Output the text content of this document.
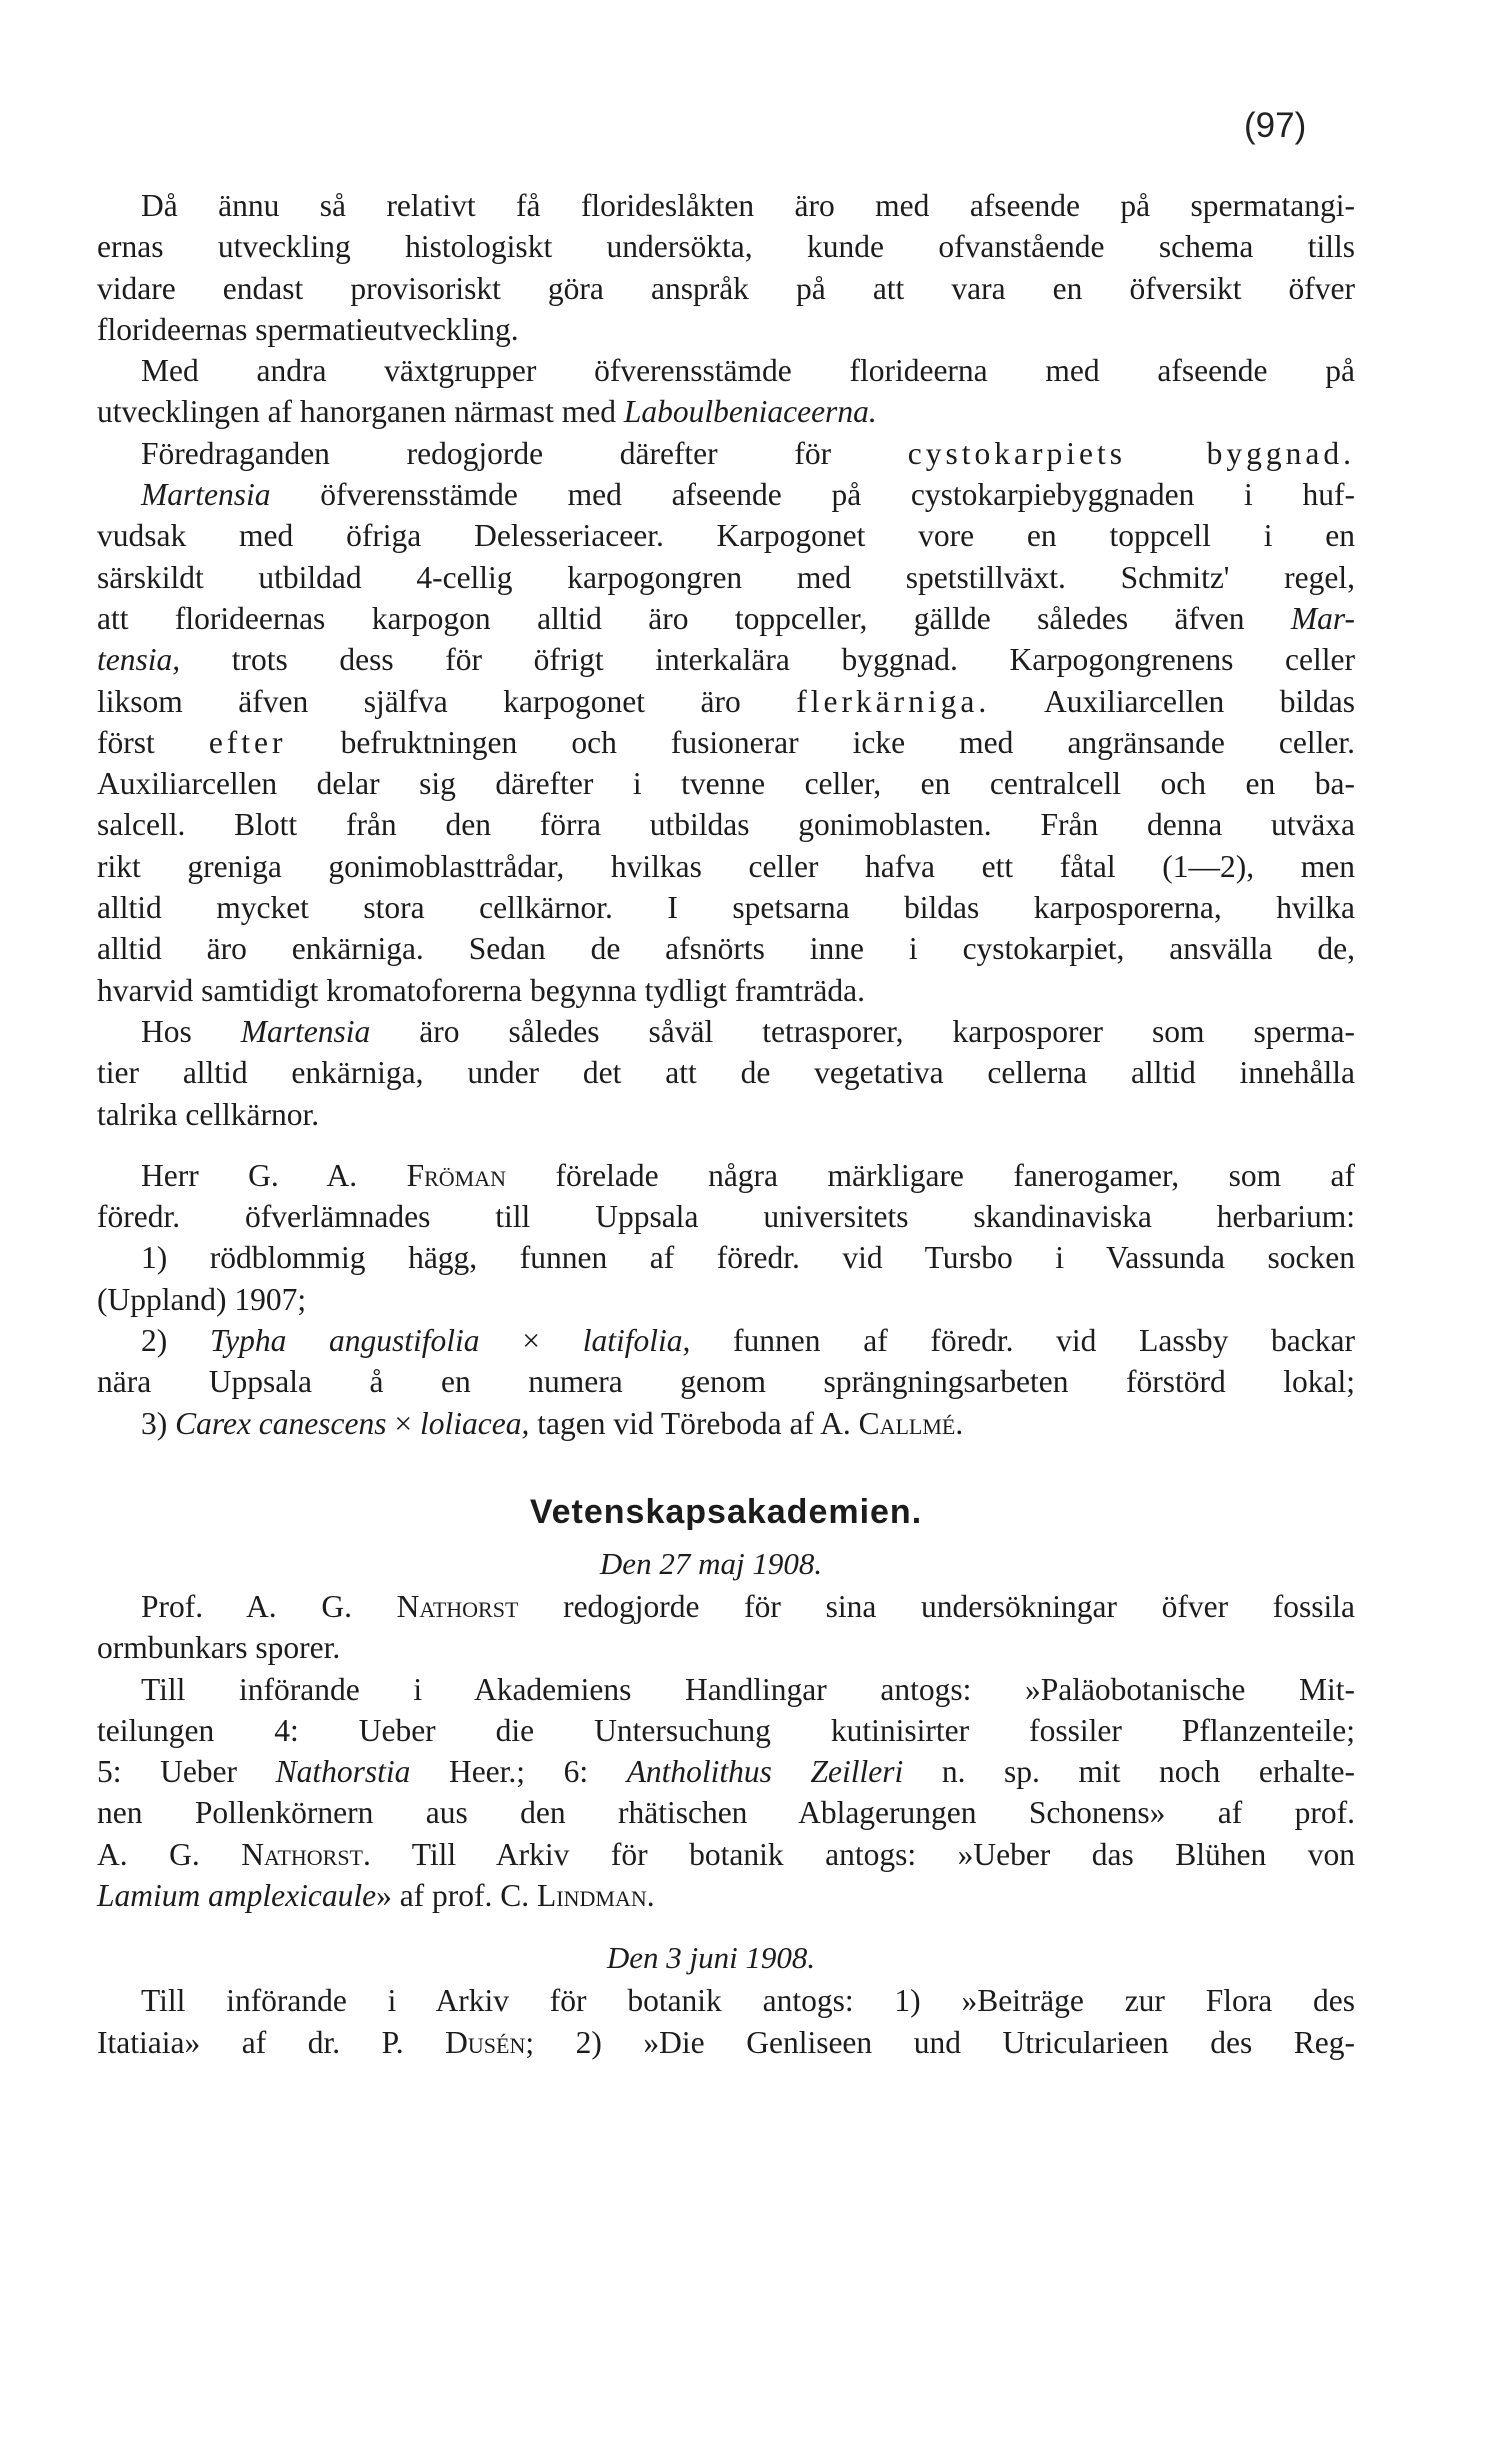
(97)
Då ännu så relativt få florideslåkten äro med afseende på spermatangi-
ernas utveckling histologiskt undersökta, kunde ofvanstående schema tills
vidare endast provisoriskt göra anspråk på att vara en öfversikt öfver
florideernas spermatieutveckling.
Med andra växtgrupper öfverensstämde florideerna med afseende på
utvecklingen af hanorganen närmast med Laboulbeniaceerna.
Föredraganden redogjorde därefter för cystokarpiets byggnad.
Martensia öfverensstämde med afseende på cystokarpiebyggnaden i huf-
vudsak med öfriga Delesseriaceer. Karpogonet vore en toppcell i en
särskildt utbildad 4-cellig karpogongren med spetstillväxt. Schmitz' regel,
att florideernas karpogon alltid äro toppceller, gällde således äfven Mar-
tensia, trots dess för öfrigt interkalära byggnad. Karpogongrenens celler
liksom äfven själfva karpogonet äro flerkärniga. Auxiliarcellen bildas
först efter befruktningen och fusionerar icke med angränsande celler.
Auxiliarcellen delar sig därefter i tvenne celler, en centralcell och en ba-
salcell. Blott från den förra utbildas gonimoblasten. Från denna utväxa
rikt greniga gonimoblasttrådar, hvilkas celler hafva ett fåtal (1—2), men
alltid mycket stora cellkärnor. I spetsarna bildas karposporerna, hvilka
alltid äro enkärniga. Sedan de afsnörts inne i cystokarpiet, ansvälla de,
hvarvid samtidigt kromatoforerna begynna tydligt framträda.
Hos Martensia äro således såväl tetrasporer, karposporer som sperma-
tier alltid enkärniga, under det att de vegetativa cellerna alltid innehålla
talrika cellkärnor.
Herr G. A. Fröman förelade några märkligare fanerogamer, som af
föredr. öfverlämnades till Uppsala universitets skandinaviska herbarium:
1) rödblommig hägg, funnen af föredr. vid Tursbo i Vassunda socken
(Uppland) 1907;
2) Typha angustifolia × latifolia, funnen af föredr. vid Lassby backar
nära Uppsala å en numera genom sprängningsarbeten förstörd lokal;
3) Carex canescens × loliacea, tagen vid Töreboda af A. Callmé.
Vetenskapsakademien.
Den 27 maj 1908.
Prof. A. G. Nathorst redogjorde för sina undersökningar öfver fossila
ormbunkars sporer.
Till införande i Akademiens Handlingar antogs: »Paläobotanische Mit-
teilungen 4: Ueber die Untersuchung kutinisirter fossiler Pflanzenteile;
5: Ueber Nathorstia Heer.; 6: Antholithus Zeilleri n. sp. mit noch erhalte-
nen Pollenkörnern aus den rhätischen Ablagerungen Schonens» af prof.
A. G. Nathorst. Till Arkiv för botanik antogs: »Ueber das Blühen von
Lamium amplexicaule» af prof. C. Lindman.
Den 3 juni 1908.
Till införande i Arkiv för botanik antogs: 1) »Beiträge zur Flora des
Itatiaia» af dr. P. Dusén; 2) »Die Genliseen und Utricularieen des Reg-
